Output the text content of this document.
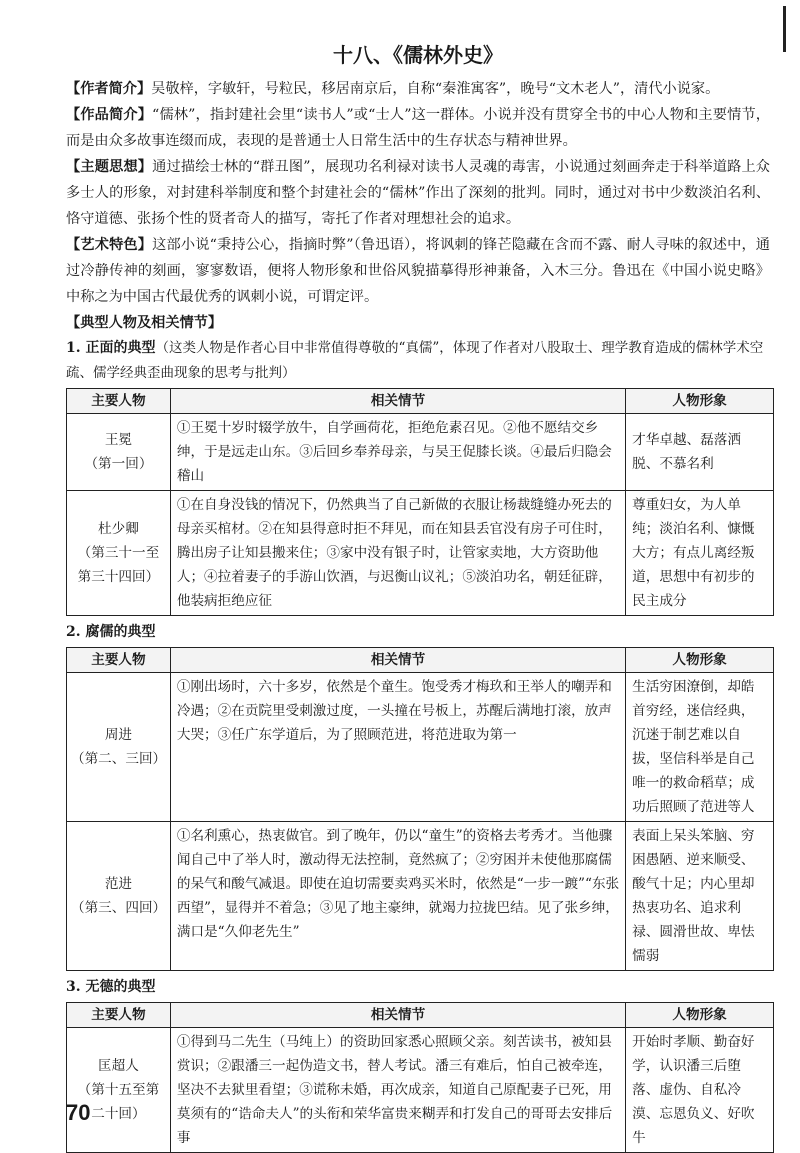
十八、《儒林外史》

【作者简介】吴敬梓，字敏轩，号粒民，移居南京后，自称“秦淮寓客”，晚号“文木老人”，清代小说家。

【作品简介】“儒林”，指封建社会里“读书人”或“士人”这一群体。小说并没有贯穿全书的中心人物和主要情节，而是由众多故事连缀而成，表现的是普通士人日常生活中的生存状态与精神世界。

【主题思想】通过描绘士林的“群丑图”，展现功名利禄对读书人灵魂的毒害，小说通过刻画奔走于科举道路上众多士人的形象，对封建科举制度和整个封建社会的“儒林”作出了深刻的批判。同时，通过对书中少数淡泊名利、恪守道德、张扬个性的贤者奇人的描写，寄托了作者对理想社会的追求。

【艺术特色】这部小说“秉持公心，指摘时弊”（鲁迅语），将讽刺的锋芒隐藏在含而不露、耐人寻味的叙述中，通过冷静传神的刻画，寥寥数语，便将人物形象和世俗风貌描摹得形神兼备，入木三分。鲁迅在《中国小说史略》中称之为中国古代最优秀的讽刺小说，可谓定评。

【典型人物及相关情节】
1. 正面的典型（这类人物是作者心目中非常值得尊敬的“真儒”，体现了作者对八股取士、理学教育造成的儒林学术空疏、儒学经典歪曲现象的思考与批判）
主要人物	相关情节	人物形象

王冕
（第一回）	①王冕十岁时辍学放牛，自学画荷花，拒绝危素召见。②他不愿结交乡绅，于是远走山东。③后回乡奉养母亲，与吴王促膝长谈。④最后归隐会稽山	才华卓越、磊落洒脱、不慕名利

杜少卿
（第三十一至第三十四回）	①在自身没钱的情况下，仍然典当了自己新做的衣服让杨裁缝缝办死去的母亲买棺材。②在知县得意时拒不拜见，而在知县丢官没有房子可住时，腾出房子让知县搬来住；③家中没有银子时，让管家卖地，大方资助他人；④拉着妻子的手游山饮酒，与迟衡山议礼；⑤淡泊功名，朝廷征辟，他装病拒绝应征	尊重妇女，为人单纯；淡泊名利、慷慨大方；有点儿离经叛道，思想中有初步的民主成分
2. 腐儒的典型
主要人物	相关情节	人物形象

周进
（第二、三回）	①刚出场时，六十多岁，依然是个童生。饱受秀才梅玖和王举人的嘲弄和冷遇；②在贡院里受刺激过度，一头撞在号板上，苏醒后满地打滚，放声大哭；③任广东学道后，为了照顾范进，将范进取为第一	生活穷困潦倒，却皓首穷经，迷信经典，沉迷于制艺难以自拔，坚信科举是自己唯一的救命稻草；成功后照顾了范进等人

范进
（第三、四回）	①名利熏心，热衷做官。到了晚年，仍以“童生”的资格去考秀才。当他骤闻自己中了举人时，激动得无法控制，竟然疯了；②穷困并未使他那腐儒的呆气和酸气减退。即使在迫切需要卖鸡买米时，依然是“一步一踱”“东张西望”，显得并不着急；③见了地主豪绅，就竭力拉拢巴结。见了张乡绅，满口是“久仰老先生”	表面上呆头笨脑、穷困愚陋、逆来顺受、酸气十足；内心里却热衷功名、追求利禄、圆滑世故、卑怯懦弱
3. 无德的典型
主要人物	相关情节	人物形象

匡超人
（第十五至第二十回）	①得到马二先生（马纯上）的资助回家悉心照顾父亲。刻苦读书，被知县赏识；②跟潘三一起伪造文书，替人考试。潘三有难后，怕自己被牵连，坚决不去狱里看望；③谎称未婚，再次成亲，知道自己原配妻子已死，用莫须有的“诰命夫人”的头衔和荣华富贵来糊弄和打发自己的哥哥去安排后事	开始时孝顺、勤奋好学，认识潘三后堕落、虚伪、自私冷漠、忘恩负义、好吹牛
70
